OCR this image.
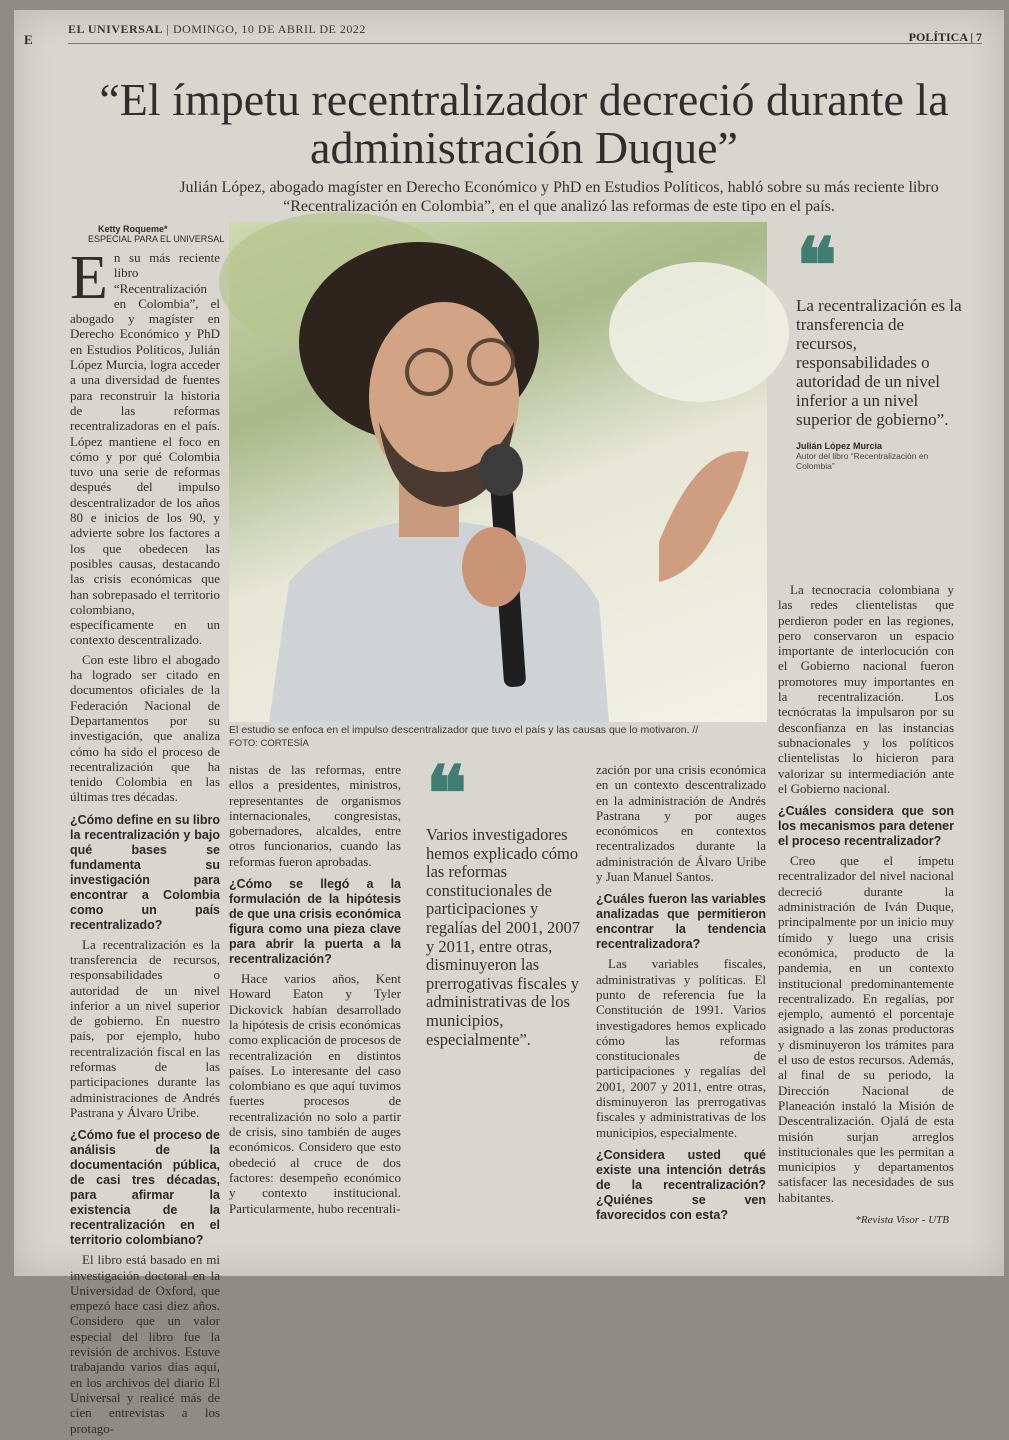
E
EL UNIVERSAL | DOMINGO, 10 DE ABRIL DE 2022
POLÍTICA | 7
“El ímpetu recentralizador decreció durante la administración Duque”
Julián López, abogado magíster en Derecho Económico y PhD en Estudios Políticos, habló sobre su más reciente libro “Recentralización en Colombia”, en el que analizó las reformas de este tipo en el país.
Ketty Roqueme*
ESPECIAL PARA EL UNIVERSAL

En su más reciente libro “Recentralización en Colombia”, el abogado y magíster en Derecho Económico y PhD en Estudios Políticos, Julián López Murcia, logra acceder a una diversidad de fuentes para reconstruir la historia de las reformas recentralizadoras en el país. López mantiene el foco en cómo y por qué Colombia tuvo una serie de reformas después del impulso descentralizador de los años 80 e inicios de los 90, y advierte sobre los factores a los que obedecen las posibles causas, destacando las crisis económicas que han sobrepasado el territorio colombiano, específicamente en un contexto descentralizado.

Con este libro el abogado ha logrado ser citado en documentos oficiales de la Federación Nacional de Departamentos por su investigación, que analiza cómo ha sido el proceso de recentralización que ha tenido Colombia en las últimas tres décadas.

¿Cómo define en su libro la recentralización y bajo qué bases se fundamenta su investigación para encontrar a Colombia como un país recentralizado?

La recentralización es la transferencia de recursos, responsabilidades o autoridad de un nivel inferior a un nivel superior de gobierno. En nuestro país, por ejemplo, hubo recentralización fiscal en las reformas de las participaciones durante las administraciones de Andrés Pastrana y Álvaro Uribe.

¿Cómo fue el proceso de análisis de la documentación pública, de casi tres décadas, para afirmar la existencia de la recentralización en el territorio colombiano?

El libro está basado en mi investigación doctoral en la Universidad de Oxford, que empezó hace casi diez años. Considero que un valor especial del libro fue la revisión de archivos. Estuve trabajando varios días aquí, en los archivos del diario El Universal y realicé más de cien entrevistas a los protago-

El estudio se enfoca en el impulso descentralizador que tuvo el país y las causas que lo motivaron. //
FOTO: CORTESÍA
❝
La recentralización es la transferencia de recursos, responsabilidades o autoridad de un nivel inferior a un nivel superior de gobierno”.
Julián López Murcia
Autor del libro “Recentralización en Colombia”

nistas de las reformas, entre ellos a presidentes, ministros, representantes de organismos internacionales, congresistas, gobernadores, alcaldes, entre otros funcionarios, cuando las reformas fueron aprobadas.

¿Cómo se llegó a la formulación de la hipótesis de que una crisis económica figura como una pieza clave para abrir la puerta a la recentralización?

Hace varios años, Kent Howard Eaton y Tyler Dickovick habían desarrollado la hipótesis de crisis económicas como explicación de procesos de recentralización en distintos países. Lo interesante del caso colombiano es que aquí tuvimos fuertes procesos de recentralización no solo a partir de crisis, sino también de auges económicos. Considero que esto obedeció al cruce de dos factores: desempeño económico y contexto institucional. Particularmente, hubo recentrali-

❝
Varios investigadores hemos explicado cómo las reformas constitucionales de participaciones y regalías del 2001, 2007 y 2011, entre otras, disminuyeron las prerrogativas fiscales y administrativas de los municipios, especialmente”.

zación por una crisis económica en un contexto descentralizado en la administración de Andrés Pastrana y por auges económicos en contextos recentralizados durante la administración de Álvaro Uribe y Juan Manuel Santos.

¿Cuáles fueron las variables analizadas que permitieron encontrar la tendencia recentralizadora?

Las variables fiscales, administrativas y políticas. El punto de referencia fue la Constitución de 1991. Varios investigadores hemos explicado cómo las reformas constitucionales de participaciones y regalías del 2001, 2007 y 2011, entre otras, disminuyeron las prerrogativas fiscales y administrativas de los municipios, especialmente.

¿Considera usted qué existe una intención detrás de la recentralización? ¿Quiénes se ven favorecidos con esta?

La tecnocracia colombiana y las redes clientelistas que perdieron poder en las regiones, pero conservaron un espacio importante de interlocución con el Gobierno nacional fueron promotores muy importantes en la recentralización. Los tecnócratas la impulsaron por su desconfianza en las instancias subnacionales y los políticos clientelistas lo hicieron para valorizar su intermediación ante el Gobierno nacional.

¿Cuáles considera que son los mecanismos para detener el proceso recentralizador?

Creo que el ímpetu recentralizador del nivel nacional decreció durante la administración de Iván Duque, principalmente por un inicio muy tímido y luego una crisis económica, producto de la pandemia, en un contexto institucional predominantemente recentralizado. En regalías, por ejemplo, aumentó el porcentaje asignado a las zonas productoras y disminuyeron los trámites para el uso de estos recursos. Además, al final de su periodo, la Dirección Nacional de Planeación instaló la Misión de Descentralización. Ojalá de esta misión surjan arreglos institucionales que les permitan a municipios y departamentos satisfacer las necesidades de sus habitantes.

*Revista Visor - UTB
